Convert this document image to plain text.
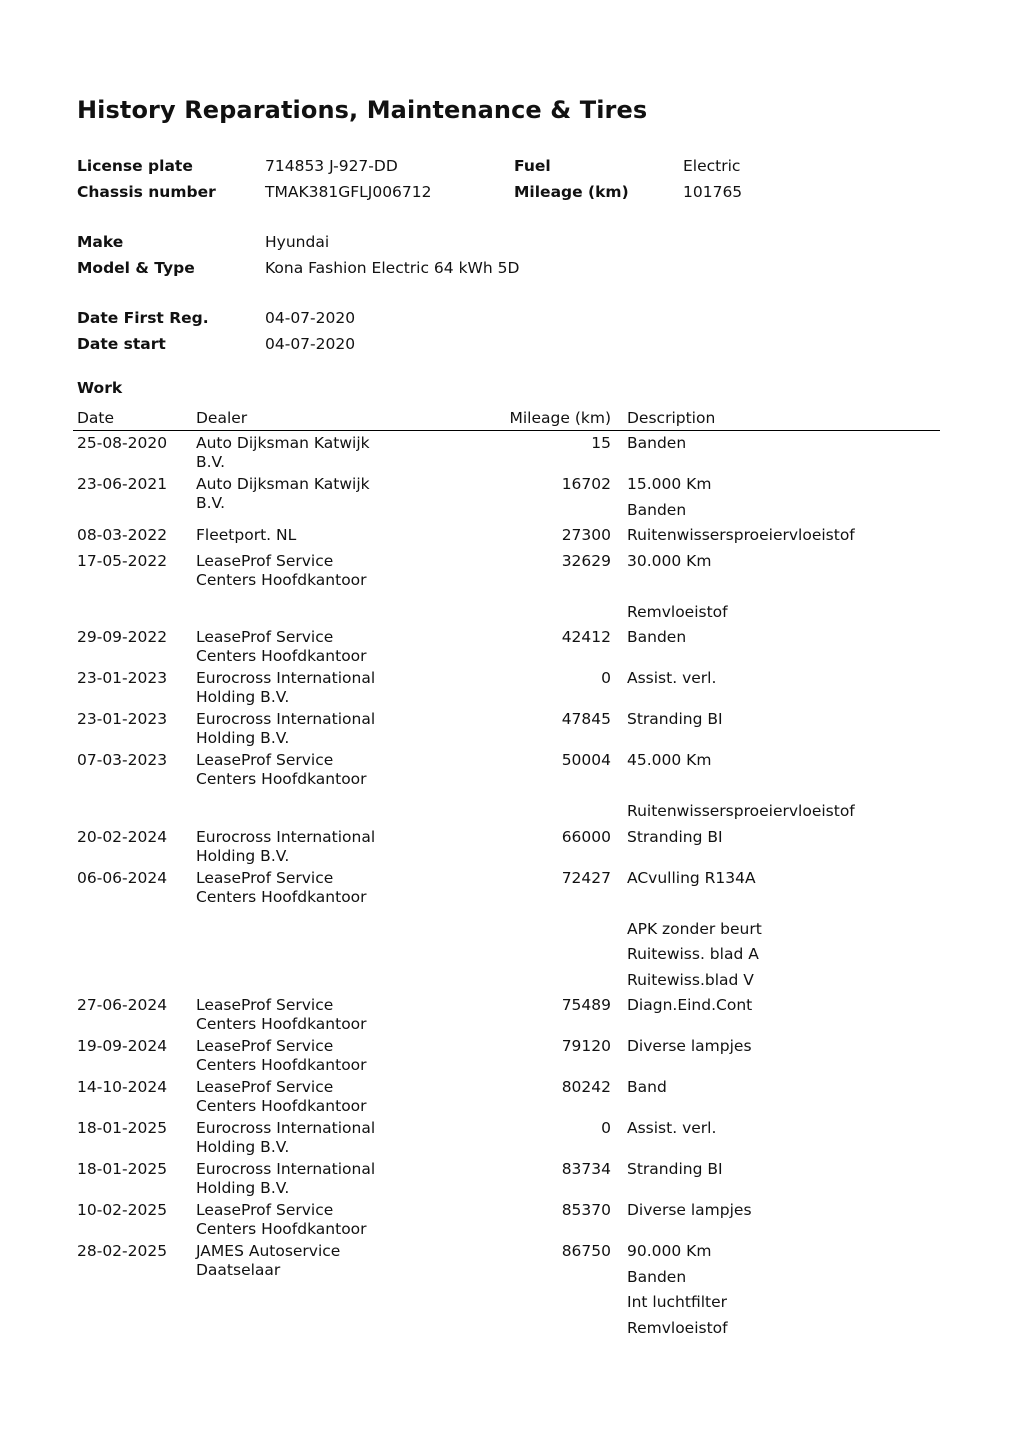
History Reparations, Maintenance & Tires
License plate	714853 J-927-DD	Fuel	Electric
Chassis number	TMAK381GFLJ006712	Mileage (km)	101765
Make	Hyundai
Model & Type	Kona Fashion Electric 64 kWh 5D
Date First Reg.	04-07-2020
Date start	04-07-2020
Work
Date	Dealer	Mileage (km)	Description
25-08-2020	Auto Dijksman Katwijk B.V.	15	Banden

23-06-2021	Auto Dijksman Katwijk B.V.	16702	15.000 Km
Banden

08-03-2022	Fleetport. NL	27300	Ruitenwissersproeiervloeistof

17-05-2022	LeaseProf Service Centers Hoofdkantoor	32629	30.000 Km
Remvloeistof

29-09-2022	LeaseProf Service Centers Hoofdkantoor	42412	Banden

23-01-2023	Eurocross International Holding B.V.	0	Assist. verl.

23-01-2023	Eurocross International Holding B.V.	47845	Stranding BI

07-03-2023	LeaseProf Service Centers Hoofdkantoor	50004	45.000 Km
Ruitenwissersproeiervloeistof

20-02-2024	Eurocross International Holding B.V.	66000	Stranding BI

06-06-2024	LeaseProf Service Centers Hoofdkantoor	72427	ACvulling R134A
APK zonder beurt
Ruitewiss. blad A
Ruitewiss.blad V

27-06-2024	LeaseProf Service Centers Hoofdkantoor	75489	Diagn.Eind.Cont

19-09-2024	LeaseProf Service Centers Hoofdkantoor	79120	Diverse lampjes

14-10-2024	LeaseProf Service Centers Hoofdkantoor	80242	Band

18-01-2025	Eurocross International Holding B.V.	0	Assist. verl.

18-01-2025	Eurocross International Holding B.V.	83734	Stranding BI

10-02-2025	LeaseProf Service Centers Hoofdkantoor	85370	Diverse lampjes

28-02-2025	JAMES Autoservice Daatselaar	86750	90.000 Km
Banden
Int luchtfilter
Remvloeistof
